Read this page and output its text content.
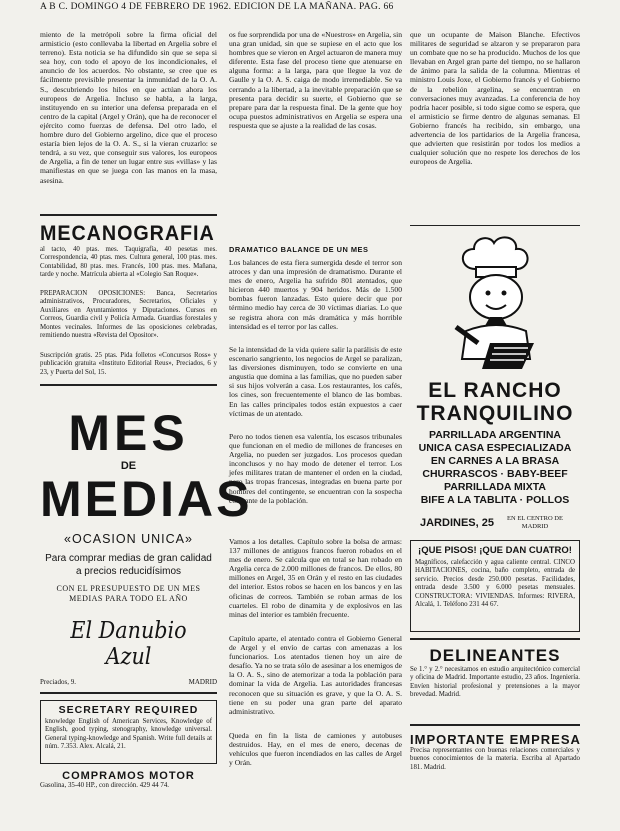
A B C. DOMINGO 4 DE FEBRERO DE 1962. EDICION DE LA MAÑANA. PAG. 66

miento de la metrópoli sobre la firma oficial del armisticio (esto conllevaba la libertad en Argelia sobre el terreno). Esta noticia se ha difundido sin que se sepa si sea hoy, con todo el apoyo de los incondicionales, el anuncio de los acuerdos. No obstante, se cree que es fácilmente previsible presentar la inmunidad de la O. A. S., descubriendo los hilos en que actúan ahora los europeos de Argelia. Incluso se habla, a la larga, instituyendo en su interior una defensa preparada en el centro de la capital (Argel y Orán), que ha de reconocer el ejército como fuerzas de defensa. Del otro lado, el hombre duro del Gobierno argelino, dice que el proceso estaría bien lejos de la O. A. S., si la vieran cruzarlo: se tendrá, a su vez, que conseguir sus valores, los europeos de Argelia, a fin de tener un lugar entre sus «villas» y las manifiestas en que se juega con las manos en la masa, asesina.

MECANOGRAFIA

al tacto, 40 ptas. mes. Taquigrafía, 40 pesetas mes. Correspondencia, 40 ptas. mes. Cultura general, 100 ptas. mes. Contabilidad, 80 ptas. mes. Francés, 100 ptas. mes. Mañana, tarde y noche. Matrícula abierta al «Colegio San Roque».

PREPARACION OPOSICIONES: Banca, Secretarios administrativos, Procuradores, Secretarios, Oficiales y Auxiliares en Ayuntamientos y Diputaciones. Cursos en Correos, Guardia civil y Policía Armada. Guardias forestales y Montes vecinales. Informes de las oposiciones celebradas, remitiendo nuestra «Revista del Opositor».

Suscripción gratis. 25 ptas. Pida folletos «Concursos Ross» y publicación gratuita «Instituto Editorial Reus», Preciados, 6 y 23, y Puerta del Sol, 15.

MES
DE
MEDIAS
«OCASION UNICA»

Para comprar medias de gran calidad a precios reducidísimos

CON EL PRESUPUESTO DE UN MES MEDIAS PARA TODO EL AÑO

El Danubio Azul
Preciados, 9.	MADRID
SECRETARY REQUIRED

knowledge English of American Services, Knowledge of English, good typing, stenography, knowledge universal. General typing-knowledge and Spanish. Write full details at núm. 7.353. Alex. Alcalá, 21.

COMPRAMOS MOTOR

Gasolina, 35-40 HP., con dirección. 429 44 74.

os fue sorprendida por una de «Nuestros» en Argelia, sin una gran unidad, sin que se supiese en el acto que los hombres que se vieron en Argel actuaron de manera muy diferente. Esta fase del proceso tiene que atenuarse en alguna forma: a la larga, para que llegue la voz de Gaulle y la O. A. S. caiga de modo irremediable. Se va cerrando a la libertad, a la inevitable preparación que se presenta para decidir su suerte, el Gobierno que se prepare para dar la respuesta final. De la gente que hoy ocupa puestos administrativos en Argelia se espera una respuesta que se ajuste a la realidad de las cosas.

DRAMATICO BALANCE DE UN MES

Los balances de esta fiera sumergida desde el terror son atroces y dan una impresión de dramatismo. Durante el mes de enero, Argelia ha sufrido 801 atentados, que hicieron 440 muertos y 904 heridos. Más de 1.500 bombas fueron lanzadas. Esto quiere decir que por término medio hay cerca de 30 víctimas diarias. Lo que se registra ahora con más dramática y más horrible intensidad es el terror por las calles.

Se la intensidad de la vida quiere salir la parálisis de este escenario sangriento, los negocios de Argel se paralizan, las diversiones disminuyen, todo se convierte en una angustia que domina a las familias, que no pueden saber si sus hijos volverán a casa. Los restaurantes, los cafés, los cines, son frecuentemente el blanco de las bombas. En las calles principales todos están expuestos a caer víctimas de un atentado.

Pero no todos tienen esa valentía, los escasos tribunales que funcionan en el medio de millones de franceses en Argelia, no pueden ser juzgados. Los procesos quedan inconclusos y no hay modo de detener el terror. Los jefes militares tratan de mantener el orden en la ciudad, pero las tropas francesas, integradas en buena parte por hombres del contingente, se encuentran con la sospecha constante de la población.

Vamos a los detalles. Capítulo sobre la bolsa de armas: 137 millones de antiguos francos fueron robados en el mes de enero. Se calcula que en total se han robado en Argelia cerca de 2.000 millones de francos. De ellos, 80 millones en Argel, 35 en Orán y el resto en las ciudades del interior. Estos robos se hacen en los bancos y en las oficinas de correos. También se roban armas de los cuarteles. El robo de dinamita y de explosivos en las minas del interior es también frecuente.

Capítulo aparte, el atentado contra el Gobierno General de Argel y el envío de cartas con amenazas a los funcionarios. Los atentados tienen hoy un aire de desafío. Ya no se trata sólo de asesinar a los enemigos de la O. A. S., sino de atemorizar a toda la población para dominar la vida de Argelia. Las autoridades francesas reconocen que su situación es grave, y que la O. A. S. tiene en su poder una gran parte del aparato administrativo.

Queda en fin la lista de camiones y autobuses destruidos. Hay, en el mes de enero, decenas de vehículos que fueron incendiados en las calles de Argel y Orán.

que un ocupante de Maison Blanche. Efectivos militares de seguridad se alzaron y se prepararon para un combate que no se ha producido. Muchos de los que llevaban en Argel gran parte del tiempo, no se hallaron de ánimo para la salida de la columna. Mientras el ministro Louis Joxe, el Gobierno francés y el Gobierno de la rebelión argelina, se encuentran en conversaciones muy avanzadas. La conferencia de hoy podría hacer posible, si todo sigue como se espera, que el armisticio se firme dentro de algunas semanas. El Gobierno francés ha recibido, sin embargo, una advertencia de los partidarios de la Argelia francesa, que advierten que resistirán por todos los medios a cualquier solución que no respete los derechos de los europeos de Argelia.

EL RANCHO
TRANQUILINO
PARRILLADA ARGENTINA
UNICA CASA ESPECIALIZADA
EN CARNES A LA BRASA
CHURRASCOS · BABY-BEEF
PARRILLADA MIXTA
BIFE A LA TABLITA · POLLOS
JARDINES, 25	EN EL CENTRO DE MADRID
¡QUE PISOS! ¡QUE DAN CUATRO!

Magníficos, calefacción y agua caliente central. CINCO HABITACIONES, cocina, baño completo, entrada de servicio. Precios desde 250.000 pesetas. Facilidades, entrada desde 3.500 y 6.000 pesetas mensuales. CONSTRUCTORA: VIVIENDAS. Informes: RIVERA, Alcalá, 1. Teléfono 231 44 67.

DELINEANTES

Se 1.° y 2.° necesitamos en estudio arquitectónico comercial y oficina de Madrid. Importante estudio, 23 años. Ingeniería. Envíen historial profesional y pretensiones a la mayor brevedad. Madrid.

IMPORTANTE EMPRESA

Precisa representantes con buenas relaciones comerciales y buenos conocimientos de la materia. Escriba al Apartado 181. Madrid.
